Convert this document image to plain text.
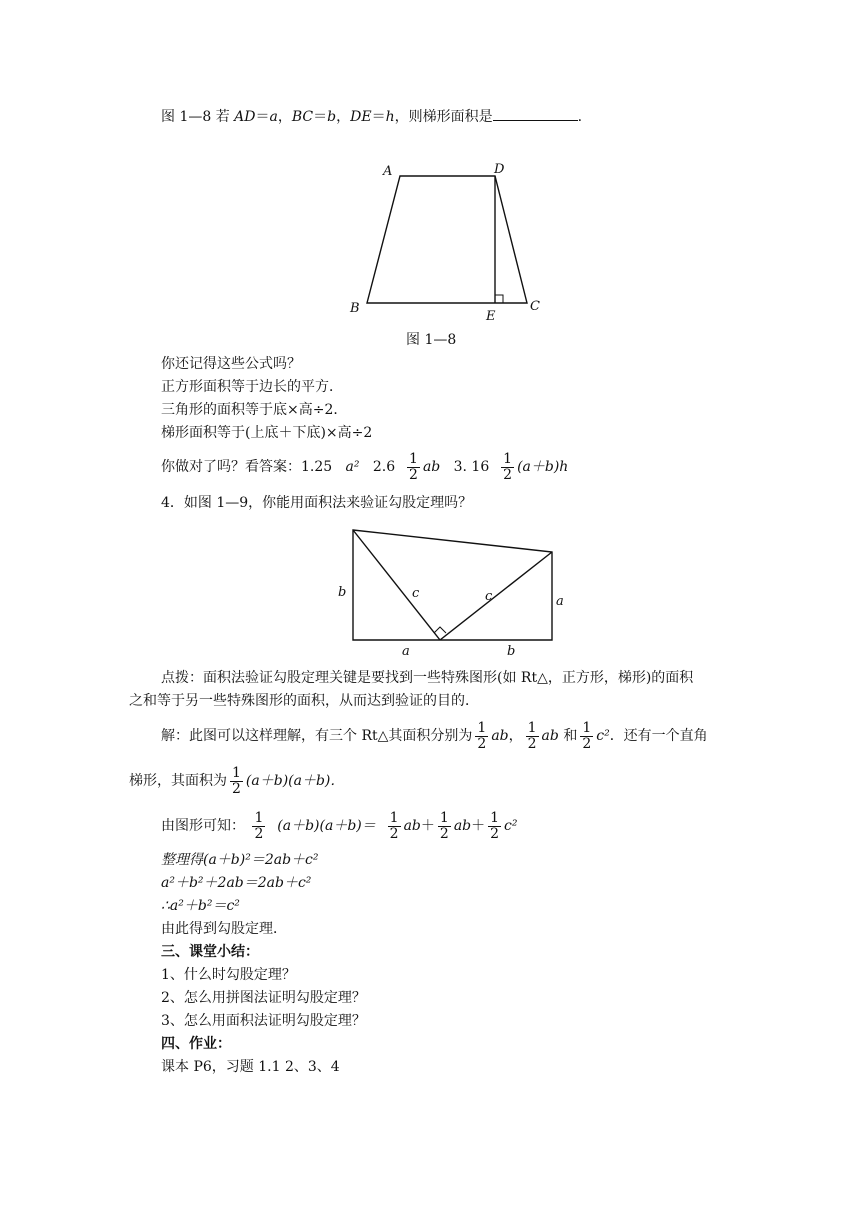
图 1—8 若 AD＝a，BC＝b，DE＝h，则梯形面积是	.
A	D
B	C
E
图 1—8
你还记得这些公式吗？
正方形面积等于边长的平方．
三角形的面积等于底×高÷2．
梯形面积等于(上底＋下底)×高÷2
你做对了吗？看答案：1.25 a² $2.6 \frac{1}{2}$ ab 3. $16 \frac{1}{2} (a+b)h$
4．如图 1—9，你能用面积法来验证勾股定理吗？
b	c	c	a
a	b
点拨：面积法验证勾股定理关键是要找到一些特殊图形(如 Rt△，正方形，梯形)的面积
之和等于另一些特殊图形的面积，从而达到验证的目的．
解：此图可以这样理解，有三个 Rt△其面积分别为 $\frac{1}{2}$ ab， $\frac{1}{2}$ ab 和 $\frac{1}{2} c^2$．还有一个直角
梯形，其面积为 $\frac{1}{2} (a+b)(a+b)$．
由图形可知： $\frac{1}{2} (a+b)(a+b)= \frac{1}{2} ab+ \frac{1}{2} ab+ \frac{1}{2} c^2$
整理得(a＋b)²＝2ab＋c²
a²＋b²＋2ab＝2ab＋c²
∴a²＋b²＝c²
由此得到勾股定理．
三、课堂小结：
1、什么时勾股定理？
2、怎么用拼图法证明勾股定理？
3、怎么用面积法证明勾股定理？
四、作业：
课本 P6，习题 1.1 2、3、4
